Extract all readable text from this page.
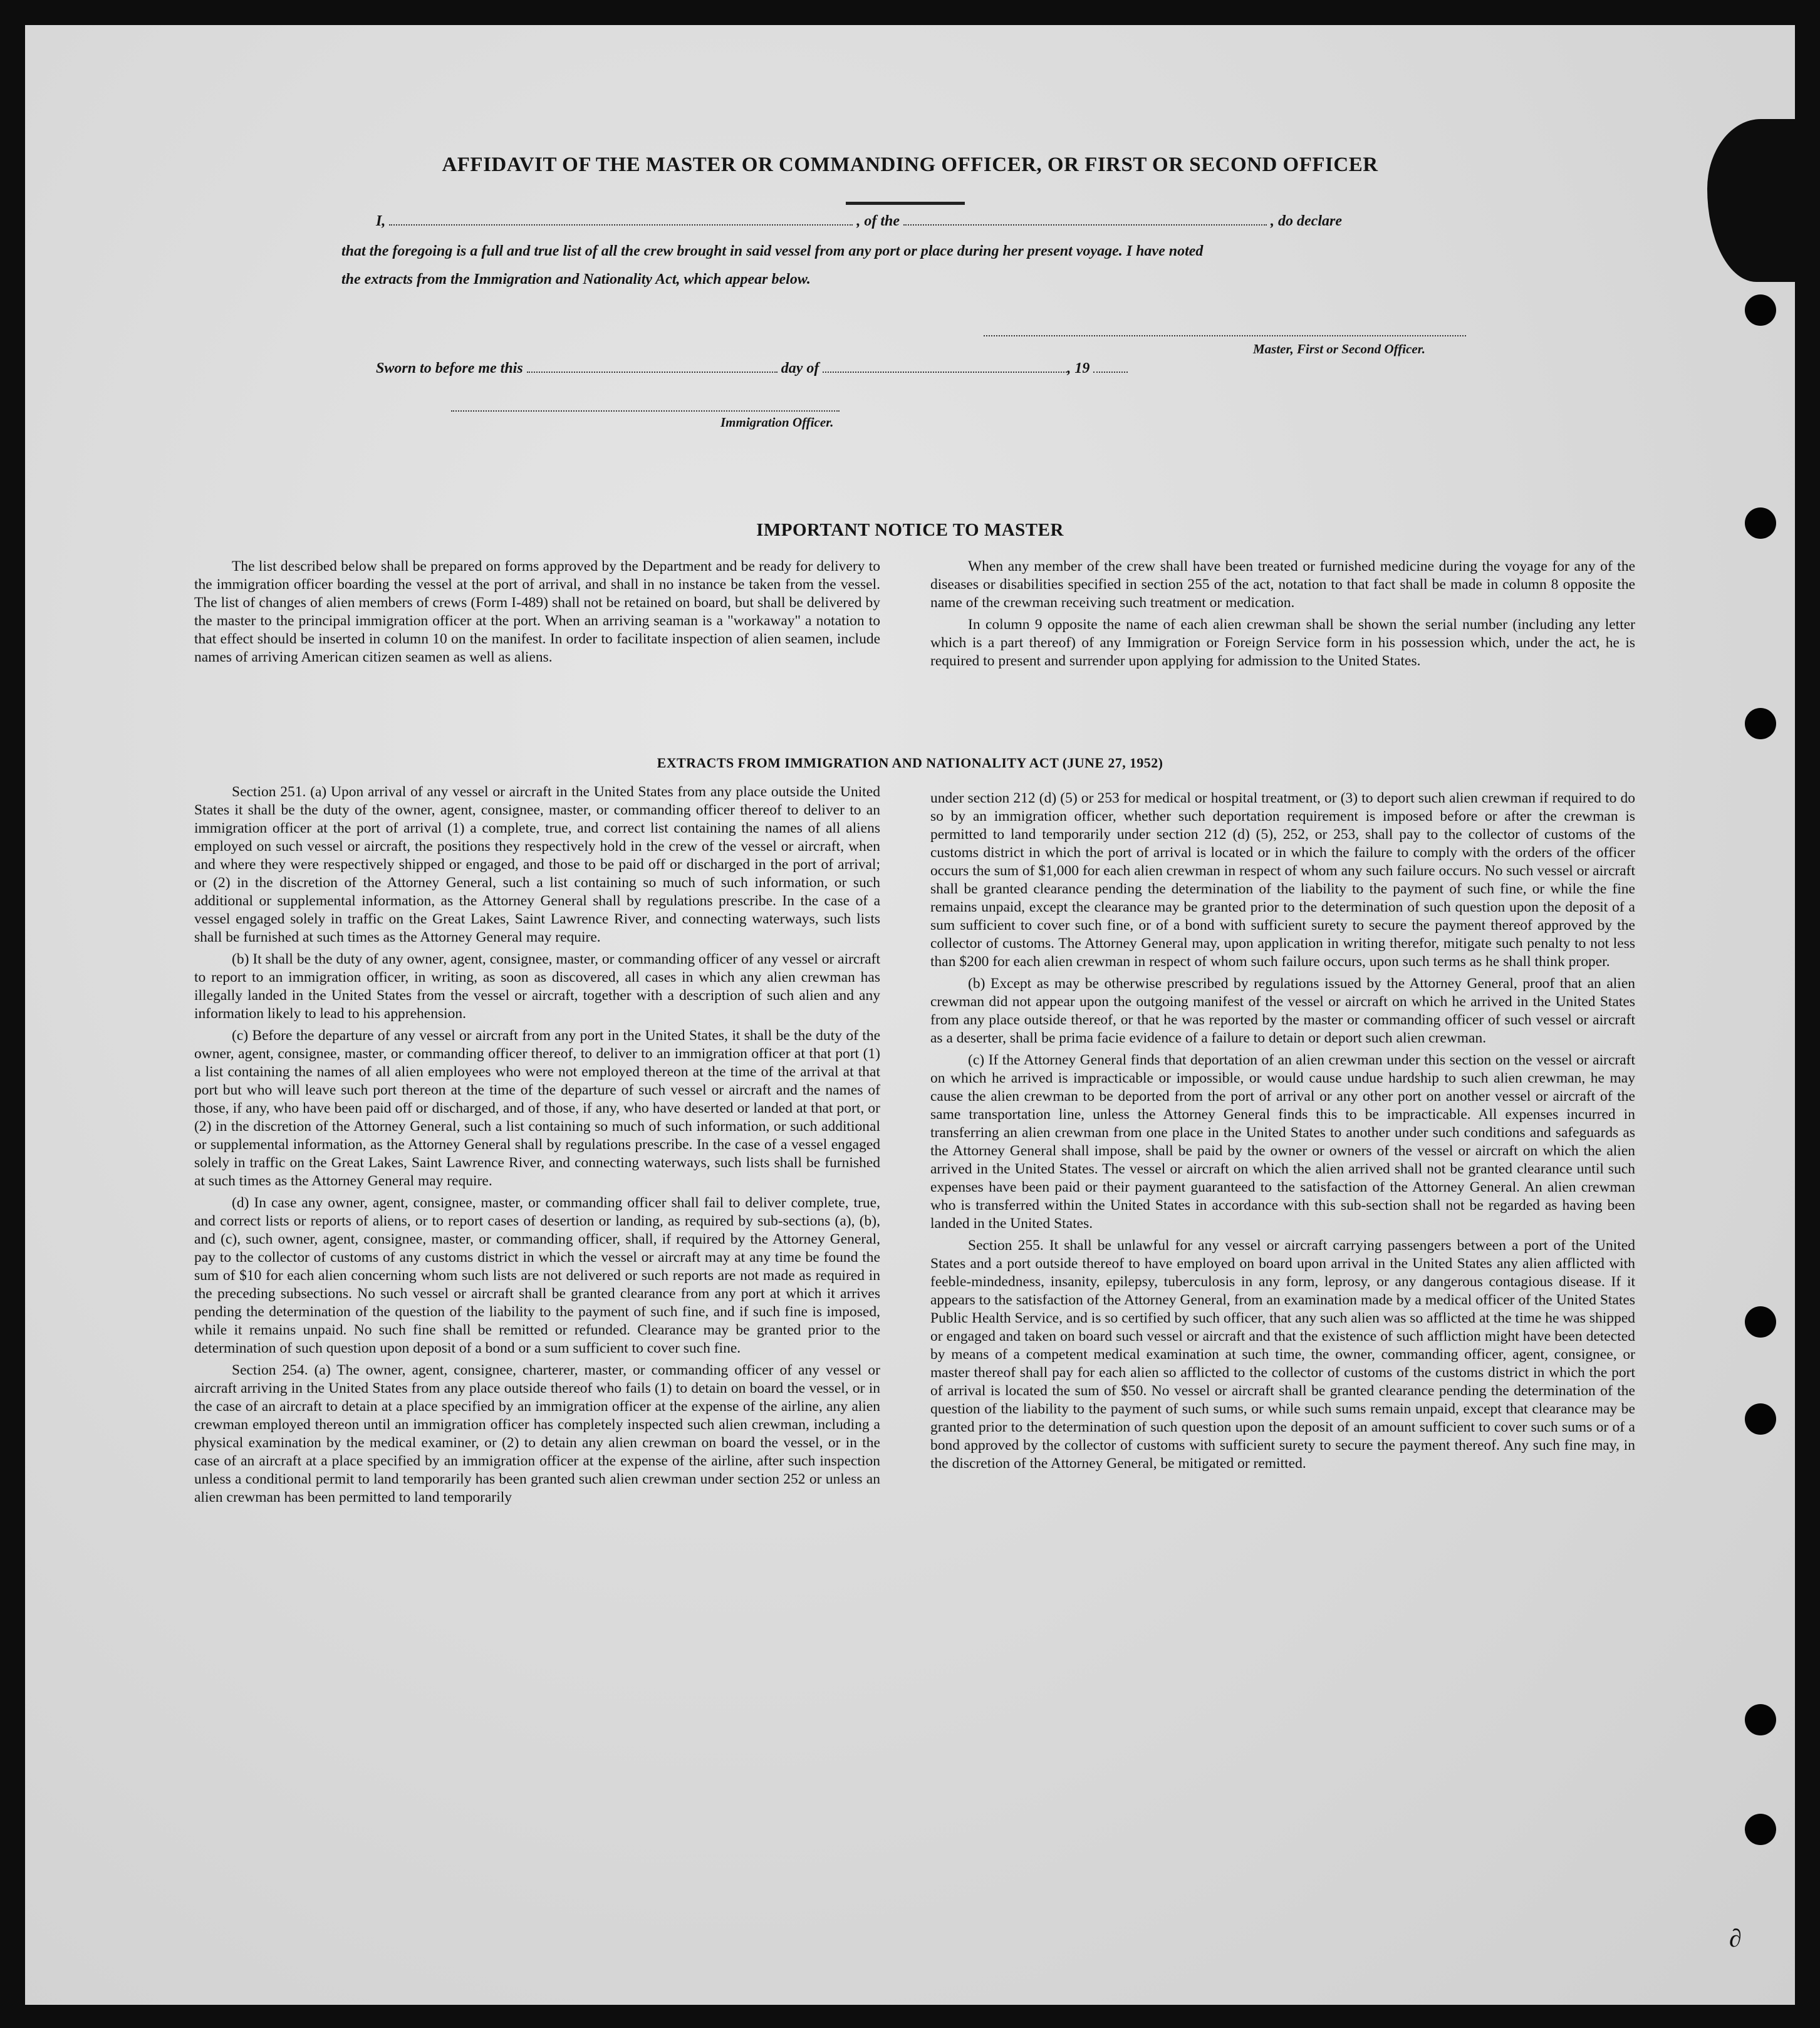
AFFIDAVIT OF THE MASTER OR COMMANDING OFFICER, OR FIRST OR SECOND OFFICER
I,	, of the	, do declare
that the foregoing is a full and true list of all the crew brought in said vessel from any port or place during her present voyage. I have noted
the extracts from the Immigration and Nationality Act, which appear below.
Master, First or Second Officer.
Sworn to before me this	day of	, 19
Immigration Officer.
IMPORTANT NOTICE TO MASTER

The list described below shall be prepared on forms approved by the Department and be ready for delivery to the immigration officer boarding the vessel at the port of arrival, and shall in no instance be taken from the vessel. The list of changes of alien members of crews (Form I-489) shall not be retained on board, but shall be delivered by the master to the principal immigration officer at the port. When an arriving seaman is a "workaway" a notation to that effect should be inserted in column 10 on the manifest. In order to facilitate inspection of alien seamen, include names of arriving American citizen seamen as well as aliens.

When any member of the crew shall have been treated or furnished medicine during the voyage for any of the diseases or disabilities specified in section 255 of the act, notation to that fact shall be made in column 8 opposite the name of the crewman receiving such treatment or medication.

In column 9 opposite the name of each alien crewman shall be shown the serial number (including any letter which is a part thereof) of any Immigration or Foreign Service form in his possession which, under the act, he is required to present and surrender upon applying for admission to the United States.

EXTRACTS FROM IMMIGRATION AND NATIONALITY ACT (JUNE 27, 1952)

Section 251. (a) Upon arrival of any vessel or aircraft in the United States from any place outside the United States it shall be the duty of the owner, agent, consignee, master, or commanding officer thereof to deliver to an immigration officer at the port of arrival (1) a complete, true, and correct list containing the names of all aliens employed on such vessel or aircraft, the positions they respectively hold in the crew of the vessel or aircraft, when and where they were respectively shipped or engaged, and those to be paid off or discharged in the port of arrival; or (2) in the discretion of the Attorney General, such a list containing so much of such information, or such additional or supplemental information, as the Attorney General shall by regulations prescribe. In the case of a vessel engaged solely in traffic on the Great Lakes, Saint Lawrence River, and connecting waterways, such lists shall be furnished at such times as the Attorney General may require.

(b) It shall be the duty of any owner, agent, consignee, master, or commanding officer of any vessel or aircraft to report to an immigration officer, in writing, as soon as discovered, all cases in which any alien crewman has illegally landed in the United States from the vessel or aircraft, together with a description of such alien and any information likely to lead to his apprehension.

(c) Before the departure of any vessel or aircraft from any port in the United States, it shall be the duty of the owner, agent, consignee, master, or commanding officer thereof, to deliver to an immigration officer at that port (1) a list containing the names of all alien employees who were not employed thereon at the time of the arrival at that port but who will leave such port thereon at the time of the departure of such vessel or aircraft and the names of those, if any, who have been paid off or discharged, and of those, if any, who have deserted or landed at that port, or (2) in the discretion of the Attorney General, such a list containing so much of such information, or such additional or supplemental information, as the Attorney General shall by regulations prescribe. In the case of a vessel engaged solely in traffic on the Great Lakes, Saint Lawrence River, and connecting waterways, such lists shall be furnished at such times as the Attorney General may require.

(d) In case any owner, agent, consignee, master, or commanding officer shall fail to deliver complete, true, and correct lists or reports of aliens, or to report cases of desertion or landing, as required by sub-sections (a), (b), and (c), such owner, agent, consignee, master, or commanding officer, shall, if required by the Attorney General, pay to the collector of customs of any customs district in which the vessel or aircraft may at any time be found the sum of $10 for each alien concerning whom such lists are not delivered or such reports are not made as required in the preceding subsections. No such vessel or aircraft shall be granted clearance from any port at which it arrives pending the determination of the question of the liability to the payment of such fine, and if such fine is imposed, while it remains unpaid. No such fine shall be remitted or refunded. Clearance may be granted prior to the determination of such question upon deposit of a bond or a sum sufficient to cover such fine.

Section 254. (a) The owner, agent, consignee, charterer, master, or commanding officer of any vessel or aircraft arriving in the United States from any place outside thereof who fails (1) to detain on board the vessel, or in the case of an aircraft to detain at a place specified by an immigration officer at the expense of the airline, any alien crewman employed thereon until an immigration officer has completely inspected such alien crewman, including a physical examination by the medical examiner, or (2) to detain any alien crewman on board the vessel, or in the case of an aircraft at a place specified by an immigration officer at the expense of the airline, after such inspection unless a conditional permit to land temporarily has been granted such alien crewman under section 252 or unless an alien crewman has been permitted to land temporarily

under section 212 (d) (5) or 253 for medical or hospital treatment, or (3) to deport such alien crewman if required to do so by an immigration officer, whether such deportation requirement is imposed before or after the crewman is permitted to land temporarily under section 212 (d) (5), 252, or 253, shall pay to the collector of customs of the customs district in which the port of arrival is located or in which the failure to comply with the orders of the officer occurs the sum of $1,000 for each alien crewman in respect of whom any such failure occurs. No such vessel or aircraft shall be granted clearance pending the determination of the liability to the payment of such fine, or while the fine remains unpaid, except the clearance may be granted prior to the determination of such question upon the deposit of a sum sufficient to cover such fine, or of a bond with sufficient surety to secure the payment thereof approved by the collector of customs. The Attorney General may, upon application in writing therefor, mitigate such penalty to not less than $200 for each alien crewman in respect of whom such failure occurs, upon such terms as he shall think proper.

(b) Except as may be otherwise prescribed by regulations issued by the Attorney General, proof that an alien crewman did not appear upon the outgoing manifest of the vessel or aircraft on which he arrived in the United States from any place outside thereof, or that he was reported by the master or commanding officer of such vessel or aircraft as a deserter, shall be prima facie evidence of a failure to detain or deport such alien crewman.

(c) If the Attorney General finds that deportation of an alien crewman under this section on the vessel or aircraft on which he arrived is impracticable or impossible, or would cause undue hardship to such alien crewman, he may cause the alien crewman to be deported from the port of arrival or any other port on another vessel or aircraft of the same transportation line, unless the Attorney General finds this to be impracticable. All expenses incurred in transferring an alien crewman from one place in the United States to another under such conditions and safeguards as the Attorney General shall impose, shall be paid by the owner or owners of the vessel or aircraft on which the alien arrived in the United States. The vessel or aircraft on which the alien arrived shall not be granted clearance until such expenses have been paid or their payment guaranteed to the satisfaction of the Attorney General. An alien crewman who is transferred within the United States in accordance with this sub-section shall not be regarded as having been landed in the United States.

Section 255. It shall be unlawful for any vessel or aircraft carrying passengers between a port of the United States and a port outside thereof to have employed on board upon arrival in the United States any alien afflicted with feeble-mindedness, insanity, epilepsy, tuberculosis in any form, leprosy, or any dangerous contagious disease. If it appears to the satisfaction of the Attorney General, from an examination made by a medical officer of the United States Public Health Service, and is so certified by such officer, that any such alien was so afflicted at the time he was shipped or engaged and taken on board such vessel or aircraft and that the existence of such affliction might have been detected by means of a competent medical examination at such time, the owner, commanding officer, agent, consignee, or master thereof shall pay for each alien so afflicted to the collector of customs of the customs district in which the port of arrival is located the sum of $50. No vessel or aircraft shall be granted clearance pending the determination of the question of the liability to the payment of such sums, or while such sums remain unpaid, except that clearance may be granted prior to the determination of such question upon the deposit of an amount sufficient to cover such sums or of a bond approved by the collector of customs with sufficient surety to secure the payment thereof. Any such fine may, in the discretion of the Attorney General, be mitigated or remitted.

∂
